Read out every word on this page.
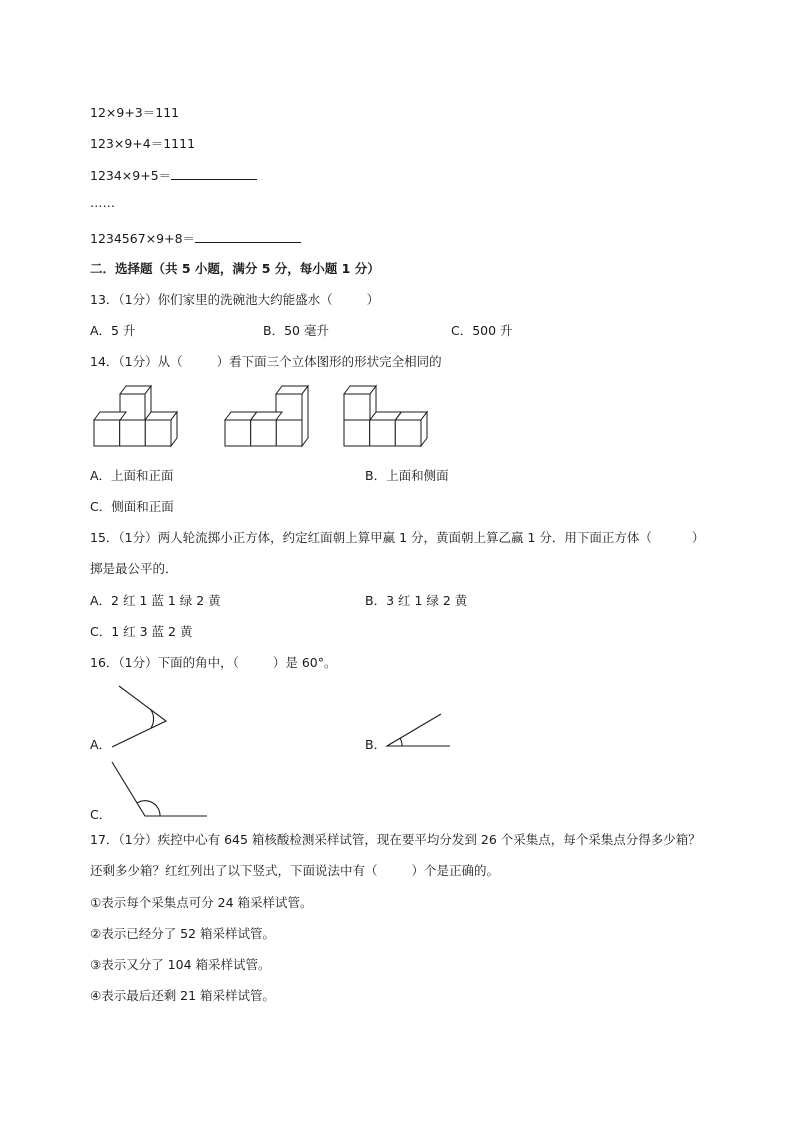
12×9+3＝111
123×9+4＝1111
1234×9+5＝
……
1234567×9+8＝
二．选择题（共 5 小题，满分 5 分，每小题 1 分）
13．（1分）你们家里的洗碗池大约能盛水（	）
A．5 升	B．50 毫升	C．500 升
14．（1分）从（	）看下面三个立体图形的形状完全相同的
A．上面和正面	B．上面和侧面
C．侧面和正面
15．（1分）两人轮流掷小正方体，约定红面朝上算甲赢 1 分，黄面朝上算乙赢 1 分．用下面正方体（	）
掷是最公平的．
A．2 红 1 蓝 1 绿 2 黄	B．3 红 1 绿 2 黄
C．1 红 3 蓝 2 黄
16．（1分）下面的角中，（	）是 60°。
A．	B．
C．
17．（1分）疾控中心有 645 箱核酸检测采样试管，现在要平均分发到 26 个采集点，每个采集点分得多少箱？
还剩多少箱？红红列出了以下竖式，下面说法中有（	）个是正确的。
①表示每个采集点可分 24 箱采样试管。
②表示已经分了 52 箱采样试管。
③表示又分了 104 箱采样试管。
④表示最后还剩 21 箱采样试管。
